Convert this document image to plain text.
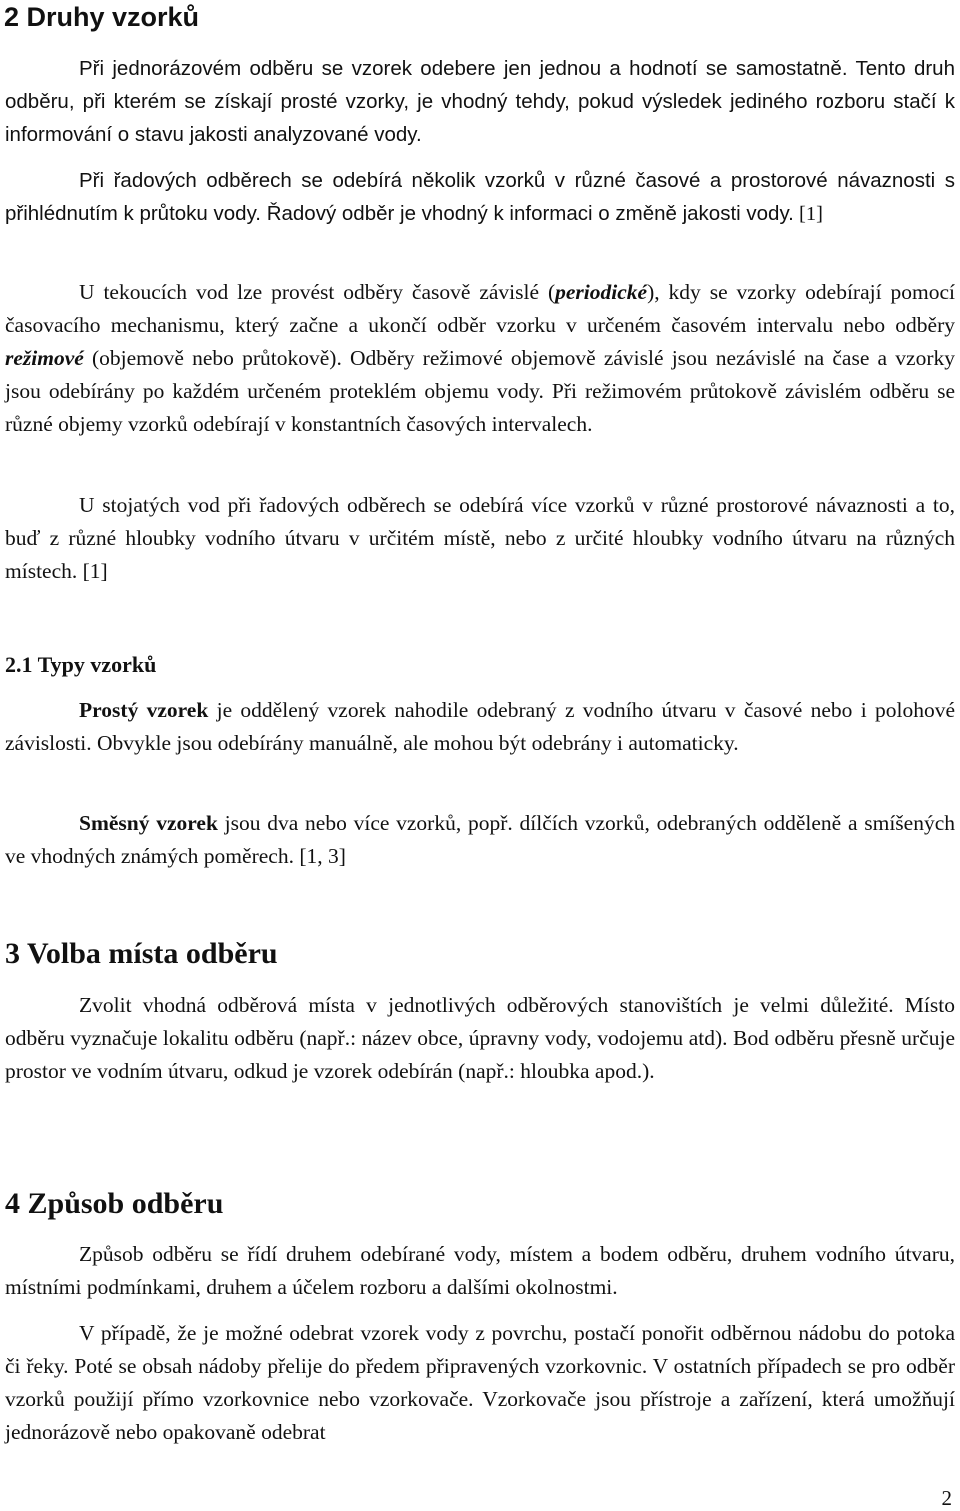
2 Druhy vzorků

Při jednorázovém odběru se vzorek odebere jen jednou a hodnotí se samostatně. Tento druh odběru, při kterém se získají prosté vzorky, je vhodný tehdy, pokud výsledek jediného rozboru stačí k informování o stavu jakosti analyzované vody.

Při řadových odběrech se odebírá několik vzorků v různé časové a prostorové návaznosti s přihlédnutím k průtoku vody. Řadový odběr je vhodný k informaci o změně jakosti vody. [1]

U tekoucích vod lze provést odběry časově závislé (periodické), kdy se vzorky odebírají pomocí časovacího mechanismu, který začne a ukončí odběr vzorku v určeném časovém intervalu nebo odběry režimové (objemově nebo průtokově). Odběry režimové objemově závislé jsou nezávislé na čase a vzorky jsou odebírány po každém určeném proteklém objemu vody. Při režimovém průtokově závislém odběru se různé objemy vzorků odebírají v konstantních časových intervalech.

U stojatých vod při řadových odběrech se odebírá více vzorků v různé prostorové návaznosti a to, buď z různé hloubky vodního útvaru v určitém místě, nebo z určité hloubky vodního útvaru na různých místech. [1]

2.1 Typy vzorků

Prostý vzorek je oddělený vzorek nahodile odebraný z vodního útvaru v časové nebo i polohové závislosti. Obvykle jsou odebírány manuálně, ale mohou být odebrány i automaticky.

Směsný vzorek jsou dva nebo více vzorků, popř. dílčích vzorků, odebraných odděleně a smíšených ve vhodných známých poměrech. [1, 3]

3 Volba místa odběru

Zvolit vhodná odběrová místa v jednotlivých odběrových stanovištích je velmi důležité. Místo odběru vyznačuje lokalitu odběru (např.: název obce, úpravny vody, vodojemu atd). Bod odběru přesně určuje prostor ve vodním útvaru, odkud je vzorek odebírán (např.: hloubka apod.).

4 Způsob odběru

Způsob odběru se řídí druhem odebírané vody, místem a bodem odběru, druhem vodního útvaru, místními podmínkami, druhem a účelem rozboru a dalšími okolnostmi.

V případě, že je možné odebrat vzorek vody z povrchu, postačí ponořit odběrnou nádobu do potoka či řeky. Poté se obsah nádoby přelije do předem připravených vzorkovnic. V ostatních případech se pro odběr vzorků použijí přímo vzorkovnice nebo vzorkovače. Vzorkovače jsou přístroje a zařízení, která umožňují jednorázově nebo opakovaně odebrat

2
